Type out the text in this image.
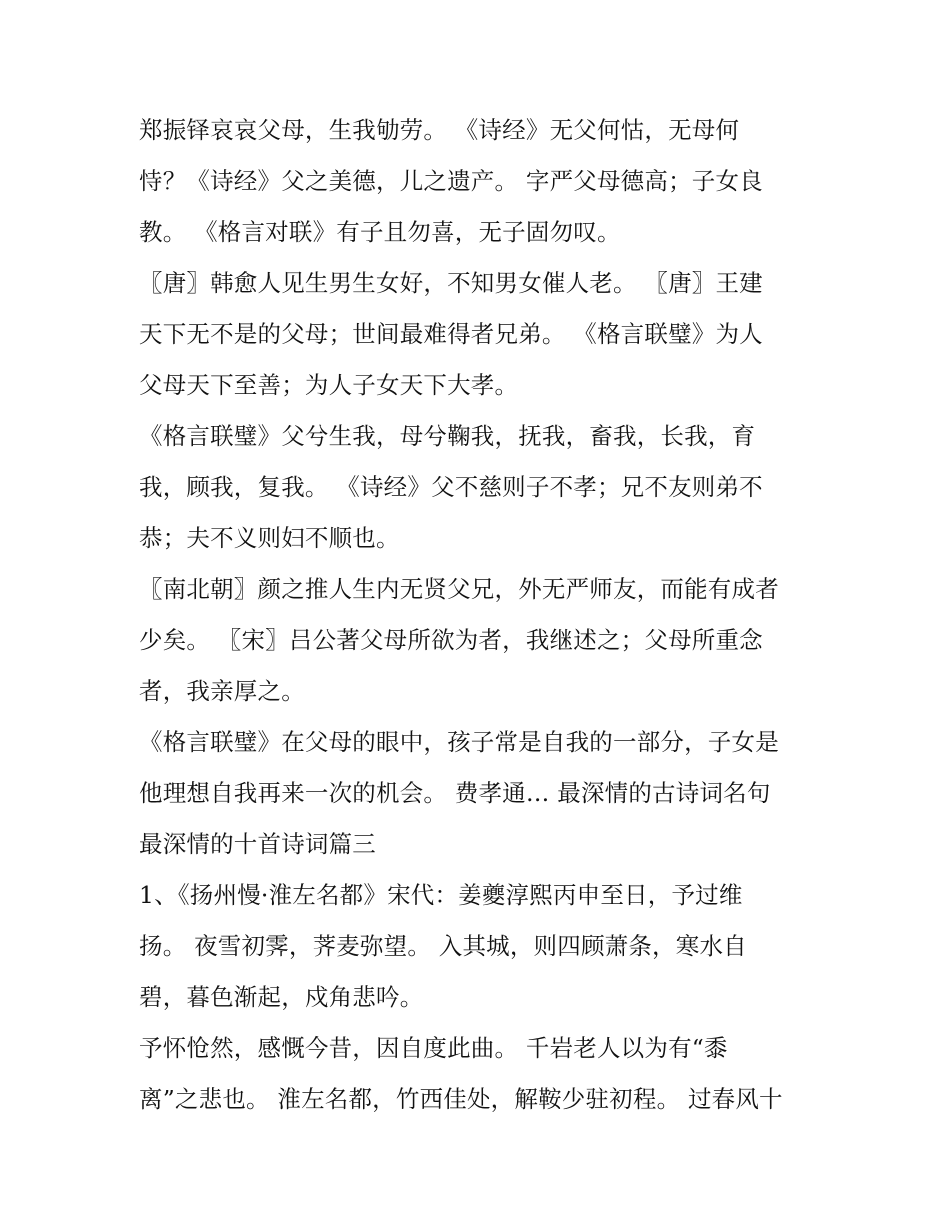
郑振铎哀哀父母，生我劬劳。 《诗经》无父何怙，无母何
恃？《诗经》父之美德，儿之遗产。 字严父母德高；子女良
教。 《格言对联》有子且勿喜，无子固勿叹。
〖唐〗韩愈人见生男生女好，不知男女催人老。 〖唐〗王建
天下无不是的父母；世间最难得者兄弟。 《格言联璧》为人
父母天下至善；为人子女天下大孝。
《格言联璧》父兮生我，母兮鞠我，抚我，畜我，长我，育
我，顾我，复我。 《诗经》父不慈则子不孝；兄不友则弟不
恭；夫不义则妇不顺也。
〖南北朝〗颜之推人生内无贤父兄，外无严师友，而能有成者
少矣。 〖宋〗吕公著父母所欲为者，我继述之；父母所重念
者，我亲厚之。
《格言联璧》在父母的眼中，孩子常是自我的一部分，子女是
他理想自我再来一次的机会。 费孝通… 最深情的古诗词名句
最深情的十首诗词篇三
1、《扬州慢·淮左名都》宋代：姜夔淳熙丙申至日，予过维
扬。 夜雪初霁，荠麦弥望。 入其城，则四顾萧条，寒水自
碧，暮色渐起，戍角悲吟。
予怀怆然，感慨今昔，因自度此曲。 千岩老人以为有“黍
离”之悲也。 淮左名都，竹西佳处，解鞍少驻初程。 过春风十
